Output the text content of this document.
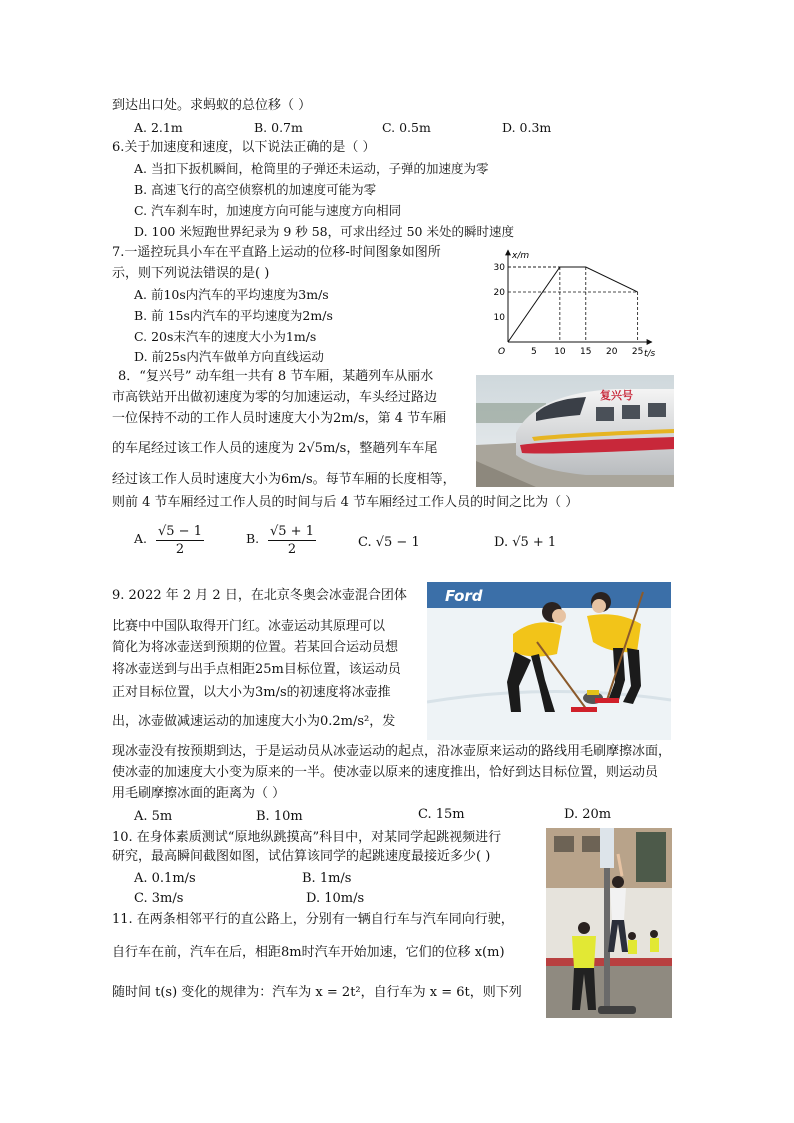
到达出口处。求蚂蚁的总位移（ ）
A. 2.1m	B. 0.7m	C. 0.5m	D. 0.3m
6.关于加速度和速度，以下说法正确的是（ ）
A. 当扣下扳机瞬间，枪筒里的子弹还未运动，子弹的加速度为零
B. 高速飞行的高空侦察机的加速度可能为零
C. 汽车刹车时，加速度方向可能与速度方向相同
D. 100 米短跑世界纪录为 9 秒 58，可求出经过 50 米处的瞬时速度
7.一遥控玩具小车在平直路上运动的位移-时间图象如图所
示，则下列说法错误的是( )
A. 前10s内汽车的平均速度为3m/s
B. 前 15s内汽车的平均速度为2m/s
C. 20s末汽车的速度大小为1m/s
D. 前25s内汽车做单方向直线运动	5 10 15 20 25
10
20
30
x/m
t/s
O
8．“复兴号” 动车组一共有 8 节车厢，某趟列车从丽水
市高铁站开出做初速度为零的匀加速运动，车头经过路边
一位保持不动的工作人员时速度大小为2m/s，第 4 节车厢
的车尾经过该工作人员的速度为 2√5m/s，整趟列车车尾
经过该工作人员时速度大小为6m/s。每节车厢的长度相等，
则前 4 节车厢经过工作人员的时间与后 4 节车厢经过工作人员的时间之比为（ ）
复兴号
A. $\frac{√5 - 1}{2}$	B. $\frac{√5 + 1}{2}$	C. √5 − 1	D. √5 + 1
9. 2022 年 2 月 2 日，在北京冬奥会冰壶混合团体
比赛中中国队取得开门红。冰壶运动其原理可以
简化为将冰壶送到预期的位置。若某回合运动员想
将冰壶送到与出手点相距25m目标位置，该运动员
正对目标位置，以大小为3m/s的初速度将冰壶推
出，冰壶做减速运动的加速度大小为0.2m/s²，发
现冰壶没有按预期到达，于是运动员从冰壶运动的起点，沿冰壶原来运动的路线用毛刷摩擦冰面，
使冰壶的加速度大小变为原来的一半。使冰壶以原来的速度推出，恰好到达目标位置，则运动员
用毛刷摩擦冰面的距离为（ ）
A. 5m	B. 10m	C. 15m	D. 20m
Ford
10. 在身体素质测试“原地纵跳摸高”科目中，对某同学起跳视频进行
研究，最高瞬间截图如图，试估算该同学的起跳速度最接近多少( )
A. 0.1m/s	B. 1m/s
C. 3m/s	D. 10m/s
11. 在两条相邻平行的直公路上，分别有一辆自行车与汽车同向行驶，
自行车在前，汽车在后，相距8m时汽车开始加速，它们的位移 x(m)
随时间 t(s) 变化的规律为：汽车为 x = 2t²，自行车为 x = 6t，则下列
